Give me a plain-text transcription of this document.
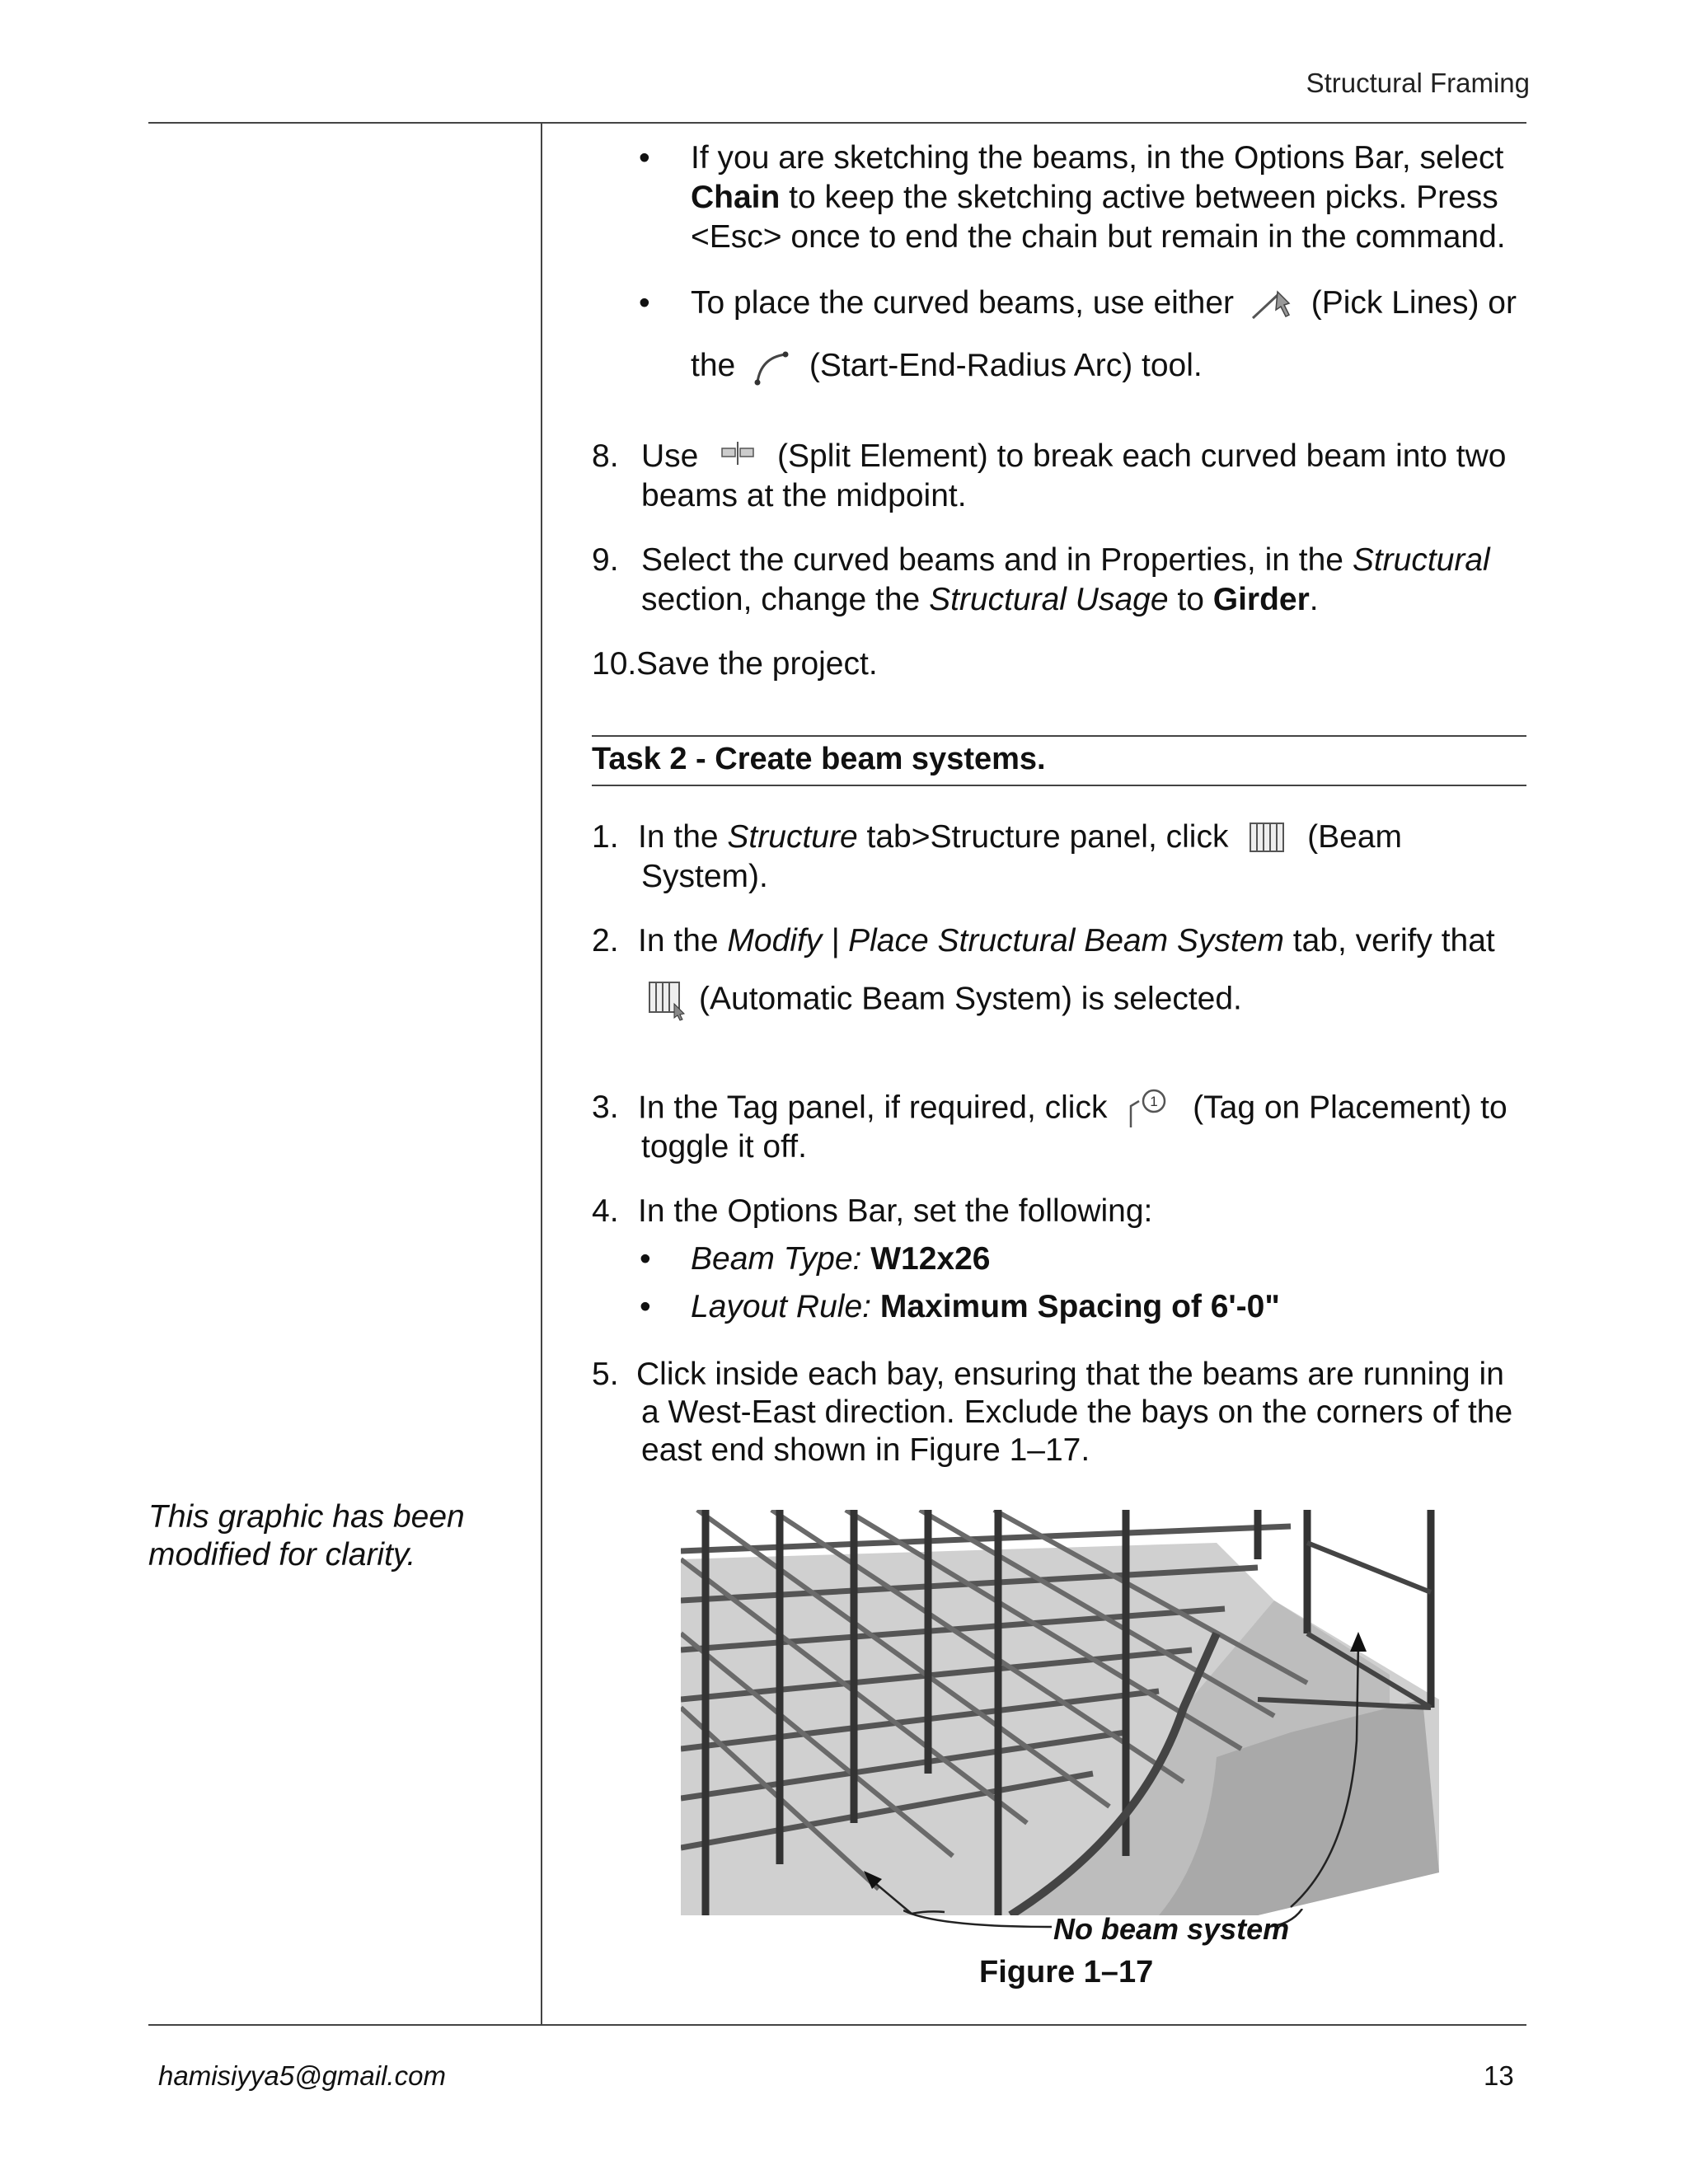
Structural Framing
• If you are sketching the beams, in the Options Bar, select
Chain to keep the sketching active between picks. Press
<Esc> once to end the chain but remain in the command.
• To place the curved beams, use either (Pick Lines) or
the (Start-End-Radius Arc) tool.
8. Use (Split Element) to break each curved beam into two
beams at the midpoint.
9. Select the curved beams and in Properties, in the Structural
section, change the Structural Usage to Girder.
10. Save the project.
Task 2 - Create beam systems.
1. In the Structure tab>Structure panel, click (Beam
System).
2. In the Modify | Place Structural Beam System tab, verify that
(Automatic Beam System) is selected.
3. In the Tag panel, if required, click	1 (Tag on Placement) to
toggle it off.
4. In the Options Bar, set the following:
• Beam Type: W12x26
• Layout Rule: Maximum Spacing of 6'-0"
5. Click inside each bay, ensuring that the beams are running in
a West-East direction. Exclude the bays on the corners of the
east end shown in Figure 1–17.
This graphic has been
modified for clarity.
No beam system
Figure 1–17
hamisiyya5@gmail.com	13
